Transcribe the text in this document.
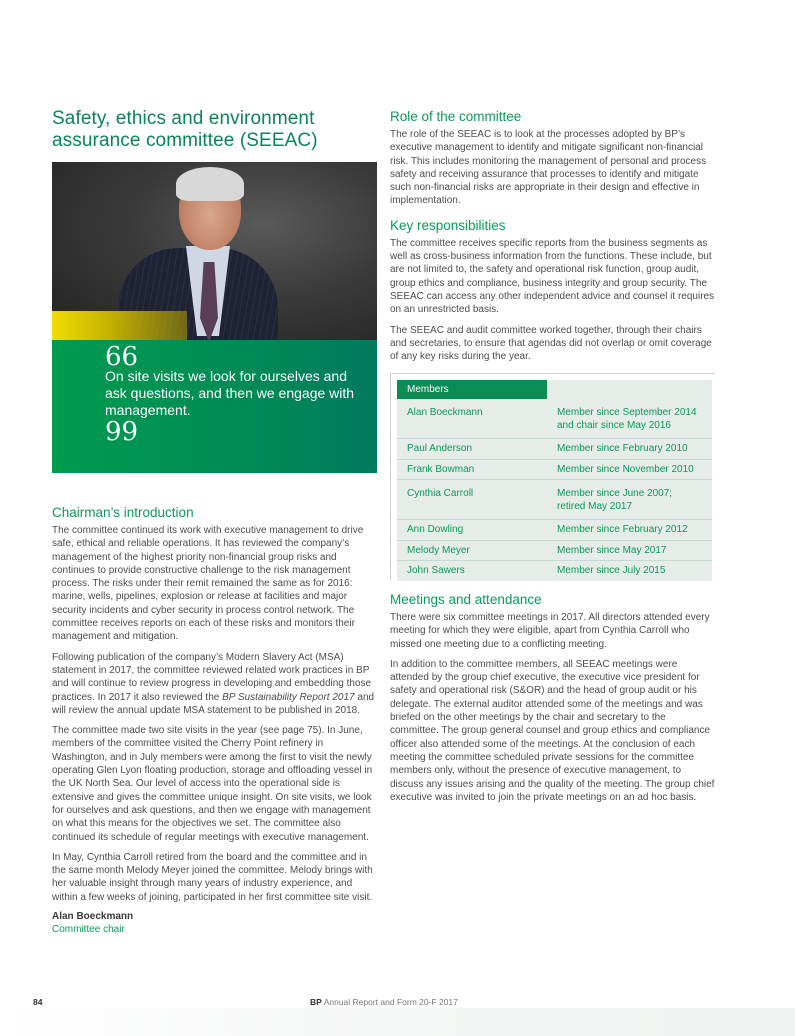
Safety, ethics and environment
assurance committee (SEEAC)
66
On site visits we look for ourselves and ask questions, and then we engage with management.
99
Chairman’s introduction

The committee continued its work with executive management to drive safe, ethical and reliable operations. It has reviewed the company’s management of the highest priority non-financial group risks and continues to provide constructive challenge to the risk management process. The risks under their remit remained the same as for 2016: marine, wells, pipelines, explosion or release at facilities and major security incidents and cyber security in process control network. The committee receives reports on each of these risks and monitors their management and mitigation.

Following publication of the company’s Modern Slavery Act (MSA) statement in 2017, the committee reviewed related work practices in BP and will continue to review progress in developing and embedding those practices. In 2017 it also reviewed the BP Sustainability Report 2017 and will review the annual update MSA statement to be published in 2018.

The committee made two site visits in the year (see page 75). In June, members of the committee visited the Cherry Point refinery in Washington, and in July members were among the first to visit the newly operating Glen Lyon floating production, storage and offloading vessel in the UK North Sea. Our level of access into the operational side is extensive and gives the committee unique insight. On site visits, we look for ourselves and ask questions, and then we engage with management on what this means for the objectives we set. The committee also continued its schedule of regular meetings with executive management.

In May, Cynthia Carroll retired from the board and the committee and in the same month Melody Meyer joined the committee. Melody brings with her valuable insight through many years of industry experience, and within a few weeks of joining, participated in her first committee site visit.

Alan Boeckmann
Committee chair
Role of the committee

The role of the SEEAC is to look at the processes adopted by BP’s executive management to identify and mitigate significant non-financial risk. This includes monitoring the management of personal and process safety and receiving assurance that processes to identify and mitigate such non-financial risks are appropriate in their design and effective in implementation.

Key responsibilities

The committee receives specific reports from the business segments as well as cross-business information from the functions. These include, but are not limited to, the safety and operational risk function, group audit, group ethics and compliance, business integrity and group security. The SEEAC can access any other independent advice and counsel it requires on an unrestricted basis.

The SEEAC and audit committee worked together, through their chairs and secretaries, to ensure that agendas did not overlap or omit coverage of any key risks during the year.

Members	
Alan Boeckmann	Member since September 2014 and chair since May 2016
Paul Anderson	Member since February 2010
Frank Bowman	Member since November 2010
Cynthia Carroll	Member since June 2007; retired May 2017
Ann Dowling	Member since February 2012
Melody Meyer	Member since May 2017
John Sawers	Member since July 2015
Meetings and attendance

There were six committee meetings in 2017. All directors attended every meeting for which they were eligible, apart from Cynthia Carroll who missed one meeting due to a conflicting meeting.

In addition to the committee members, all SEEAC meetings were attended by the group chief executive, the executive vice president for safety and operational risk (S&OR) and the head of group audit or his delegate. The external auditor attended some of the meetings and was briefed on the other meetings by the chair and secretary to the committee. The group general counsel and group ethics and compliance officer also attended some of the meetings. At the conclusion of each meeting the committee scheduled private sessions for the committee members only, without the presence of executive management, to discuss any issues arising and the quality of the meeting. The group chief executive was invited to join the private meetings on an ad hoc basis.

84	BP Annual Report and Form 20-F 2017
